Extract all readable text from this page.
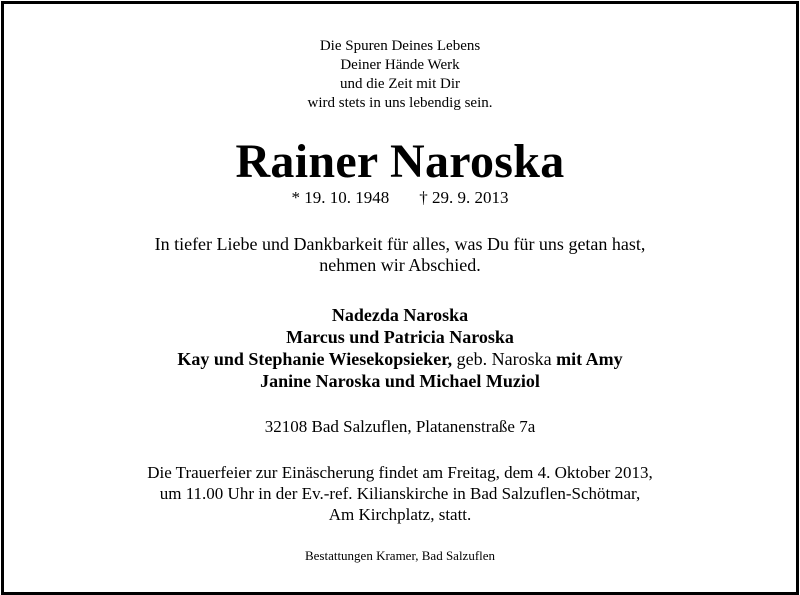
Die Spuren Deines Lebens
Deiner Hände Werk
und die Zeit mit Dir
wird stets in uns lebendig sein.
Rainer Naroska
* 19. 10. 1948 † 29. 9. 2013
In tiefer Liebe und Dankbarkeit für alles, was Du für uns getan hast,
nehmen wir Abschied.
Nadezda Naroska
Marcus und Patricia Naroska
Kay und Stephanie Wiesekopsieker, geb. Naroska mit Amy
Janine Naroska und Michael Muziol
32108 Bad Salzuflen, Platanenstraße 7a
Die Trauerfeier zur Einäscherung findet am Freitag, dem 4. Oktober 2013,
um 11.00 Uhr in der Ev.-ref. Kilianskirche in Bad Salzuflen-Schötmar,
Am Kirchplatz, statt.
Bestattungen Kramer, Bad Salzuflen
